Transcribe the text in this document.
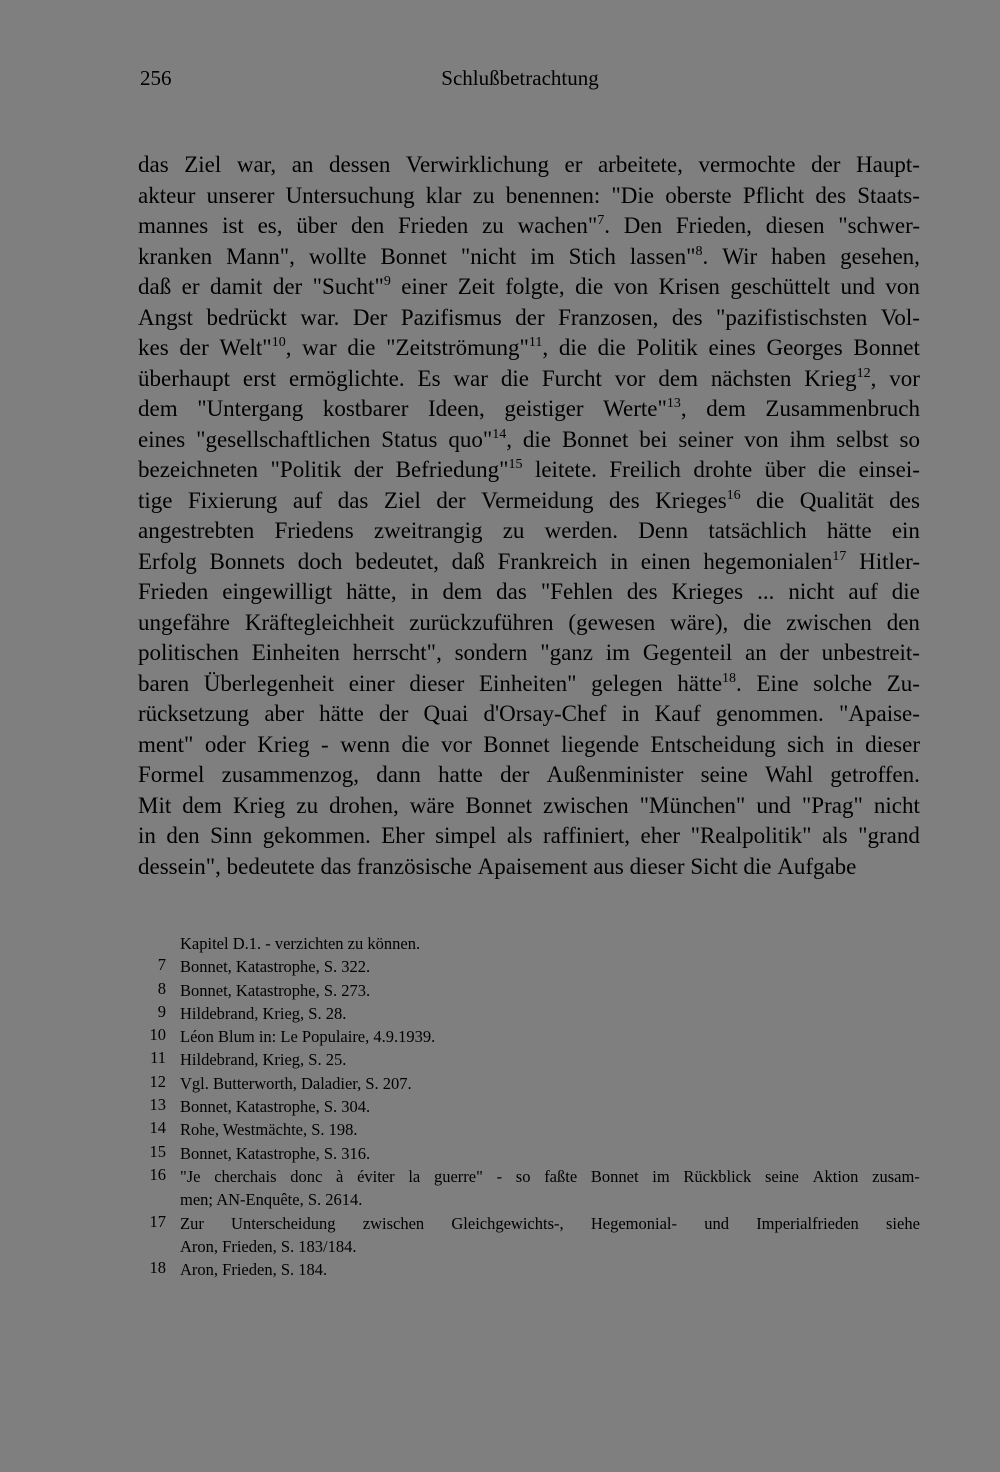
256	Schlußbetrachtung
das Ziel war, an dessen Verwirklichung er arbeitete, vermochte der Haupt-
akteur unserer Untersuchung klar zu benennen: "Die oberste Pflicht des Staats-
mannes ist es, über den Frieden zu wachen"$^7$. Den Frieden, diesen "schwer-
kranken Mann", wollte Bonnet "nicht im Stich lassen"$^8$. Wir haben gesehen,
daß er damit der "Sucht"$^9$ einer Zeit folgte, die von Krisen geschüttelt und von
Angst bedrückt war. Der Pazifismus der Franzosen, des "pazifistischsten Vol-
kes der Welt"$^{10}$, war die "Zeitströmung"$^{11}$, die die Politik eines Georges Bonnet
überhaupt erst ermöglichte. Es war die Furcht vor dem nächsten Krieg$^{12}$, vor
dem "Untergang kostbarer Ideen, geistiger Werte"$^{13}$, dem Zusammenbruch
eines "gesellschaftlichen Status quo"$^{14}$, die Bonnet bei seiner von ihm selbst so
bezeichneten "Politik der Befriedung"$^{15}$ leitete. Freilich drohte über die einsei-
tige Fixierung auf das Ziel der Vermeidung des Krieges$^{16}$ die Qualität des
angestrebten Friedens zweitrangig zu werden. Denn tatsächlich hätte ein
Erfolg Bonnets doch bedeutet, daß Frankreich in einen hegemonialen$^{17}$ Hitler-
Frieden eingewilligt hätte, in dem das "Fehlen des Krieges ... nicht auf die
ungefähre Kräftegleichheit zurückzuführen (gewesen wäre), die zwischen den
politischen Einheiten herrscht", sondern "ganz im Gegenteil an der unbestreit-
baren Überlegenheit einer dieser Einheiten" gelegen hätte$^{18}$. Eine solche Zu-
rücksetzung aber hätte der Quai d'Orsay-Chef in Kauf genommen. "Apaise-
ment" oder Krieg - wenn die vor Bonnet liegende Entscheidung sich in dieser
Formel zusammenzog, dann hatte der Außenminister seine Wahl getroffen.
Mit dem Krieg zu drohen, wäre Bonnet zwischen "München" und "Prag" nicht
in den Sinn gekommen. Eher simpel als raffiniert, eher "Realpolitik" als "grand
dessein",
bedeutete
das
französische
Apaisement
aus
dieser
Sicht
die
Aufgabe
Kapitel D.1. - verzichten zu können.
7 Bonnet, Katastrophe, S. 322.
8 Bonnet, Katastrophe, S. 273.
9 Hildebrand, Krieg, S. 28.
10 Léon Blum in: Le Populaire, 4.9.1939.
11 Hildebrand, Krieg, S. 25.
12 Vgl. Butterworth, Daladier, S. 207.
13 Bonnet, Katastrophe, S. 304.
14 Rohe, Westmächte, S. 198.
15 Bonnet, Katastrophe, S. 316.
16 "Je cherchais donc à éviter la guerre" - so faßte Bonnet im Rückblick seine Aktion zusam-
men; AN-Enquête, S. 2614.
17 Zur Unterscheidung zwischen Gleichgewichts-, Hegemonial- und Imperialfrieden siehe
Aron, Frieden, S. 183/184.
18 Aron, Frieden, S. 184.
